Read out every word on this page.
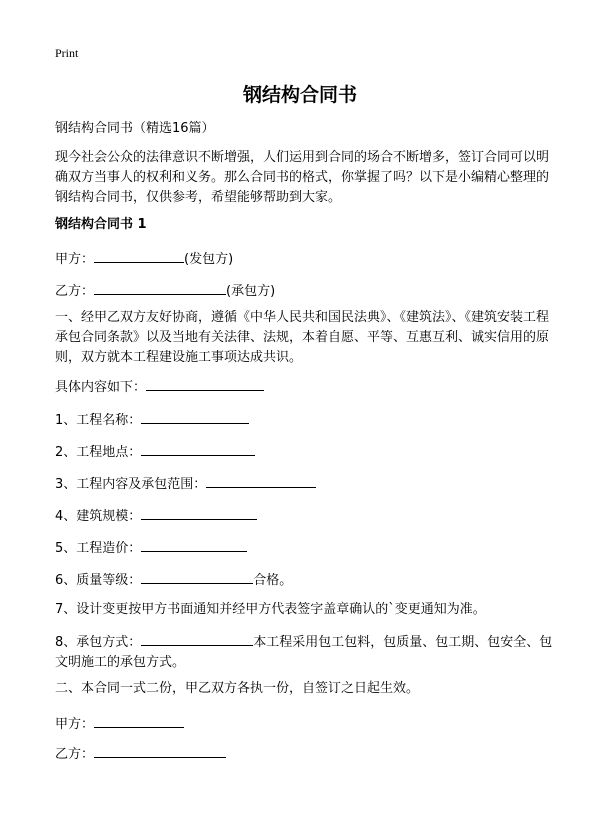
Print
钢结构合同书

钢结构合同书（精选16篇）

现今社会公众的法律意识不断增强，人们运用到合同的场合不断增多，签订合同可以明确双方当事人的权利和义务。那么合同书的格式，你掌握了吗？以下是小编精心整理的钢结构合同书，仅供参考，希望能够帮助到大家。

钢结构合同书 1

甲方：	(发包方)
乙方：	(承包方)

一、经甲乙双方友好协商，遵循《中华人民共和国民法典》、《建筑法》、《建筑安装工程承包合同条款》以及当地有关法律、法规，本着自愿、平等、互惠互利、诚实信用的原则，双方就本工程建设施工事项达成共识。

具体内容如下：
1、工程名称：
2、工程地点：
3、工程内容及承包范围：
4、建筑规模：
5、工程造价：
6、质量等级：	合格。

7、设计变更按甲方书面通知并经甲方代表签字盖章确认的`变更通知为准。

8、承包方式：	本工程采用包工包料，包质量、包工期、包安全、包文明施工的承包方式。

二、本合同一式二份，甲乙双方各执一份，自签订之日起生效。

甲方：
乙方：
